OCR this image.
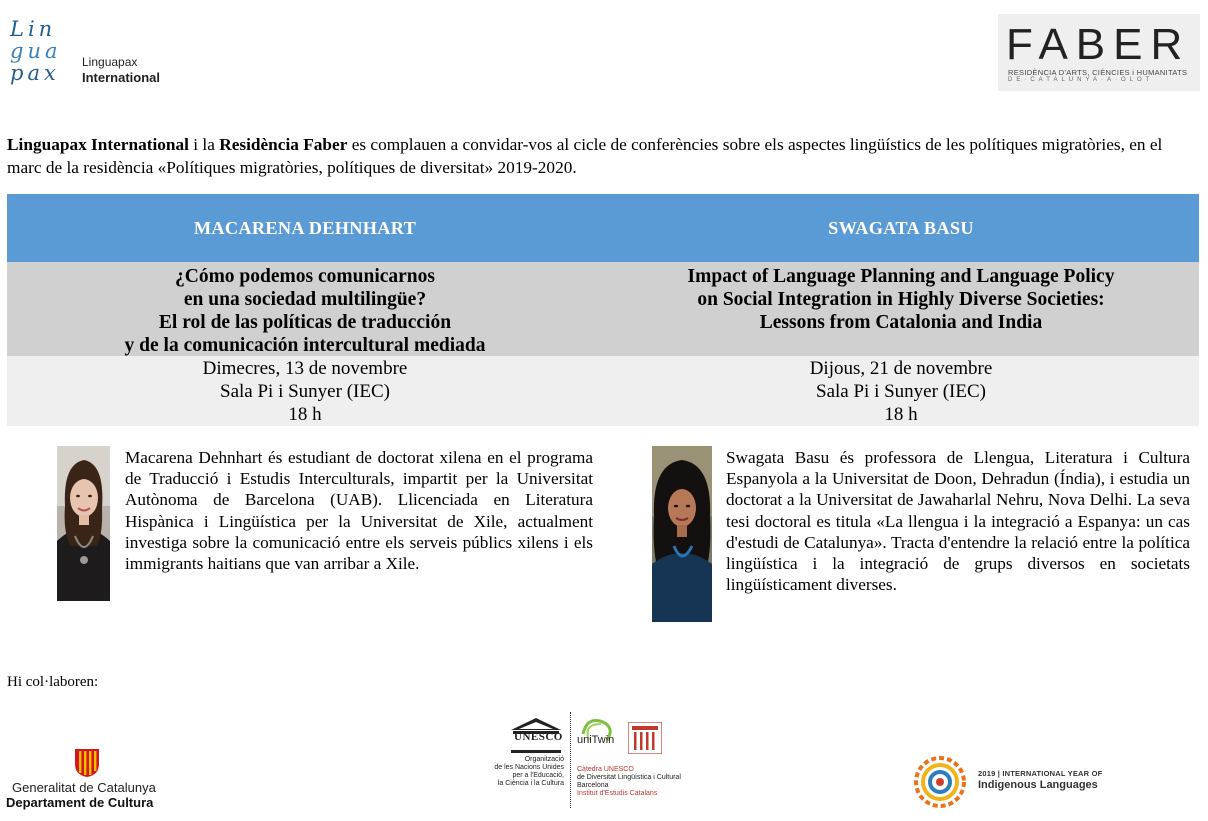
Lin
gua
pax	Linguapax
International
FABER
RESIDÈNCIA D'ARTS, CIÈNCIES i HUMANITATS
DE·CATALUNYA·A·OLOT
Linguapax International i la Residència Faber es complauen a convidar-vos al cicle de conferències sobre els aspectes lingüístics de les polítiques migratòries, en el marc de la residència «Polítiques migratòries, polítiques de diversitat» 2019-2020.
MACARENA DEHNHART	SWAGATA BASU
¿Cómo podemos comunicarnos
en una sociedad multilingüe?
El rol de las políticas de traducción
y de la comunicación intercultural mediada
Impact of Language Planning and Language Policy
on Social Integration in Highly Diverse Societies:
Lessons from Catalonia and India
Dimecres, 13 de novembre
Sala Pi i Sunyer (IEC)
18 h
Dijous, 21 de novembre
Sala Pi i Sunyer (IEC)
18 h
Macarena Dehnhart és estudiant de doctorat xilena en el programa de Traducció i Estudis Interculturals, impartit per la Universitat Autònoma de Barcelona (UAB). Llicenciada en Literatura Hispànica i Lingüística per la Universitat de Xile, actualment investiga sobre la comunicació entre els serveis públics xilens i els immigrants haitians que van arribar a Xile.
Swagata Basu és professora de Llengua, Literatura i Cultura Espanyola a la Universitat de Doon, Dehradun (Índia), i estudia un doctorat a la Universitat de Jawaharlal Nehru, Nova Delhi. La seva tesi doctoral es titula «La llengua i la integració a Espanya: un cas d'estudi de Catalunya». Tracta d'entendre la relació entre la política lingüística i la integració de grups diversos en societats lingüísticament diverses.
Hi col·laboren:
Generalitat de Catalunya
Departament de Cultura
UNESCO
Organització
de les Nacions Unides
per a l'Educació,
la Ciència i la Cultura
uniTwin
Càtedra UNESCO
de Diversitat Lingüística i Cultural
Barcelona
Institut d'Estudis Catalans
2019 | INTERNATIONAL YEAR OF
Indigenous Languages
